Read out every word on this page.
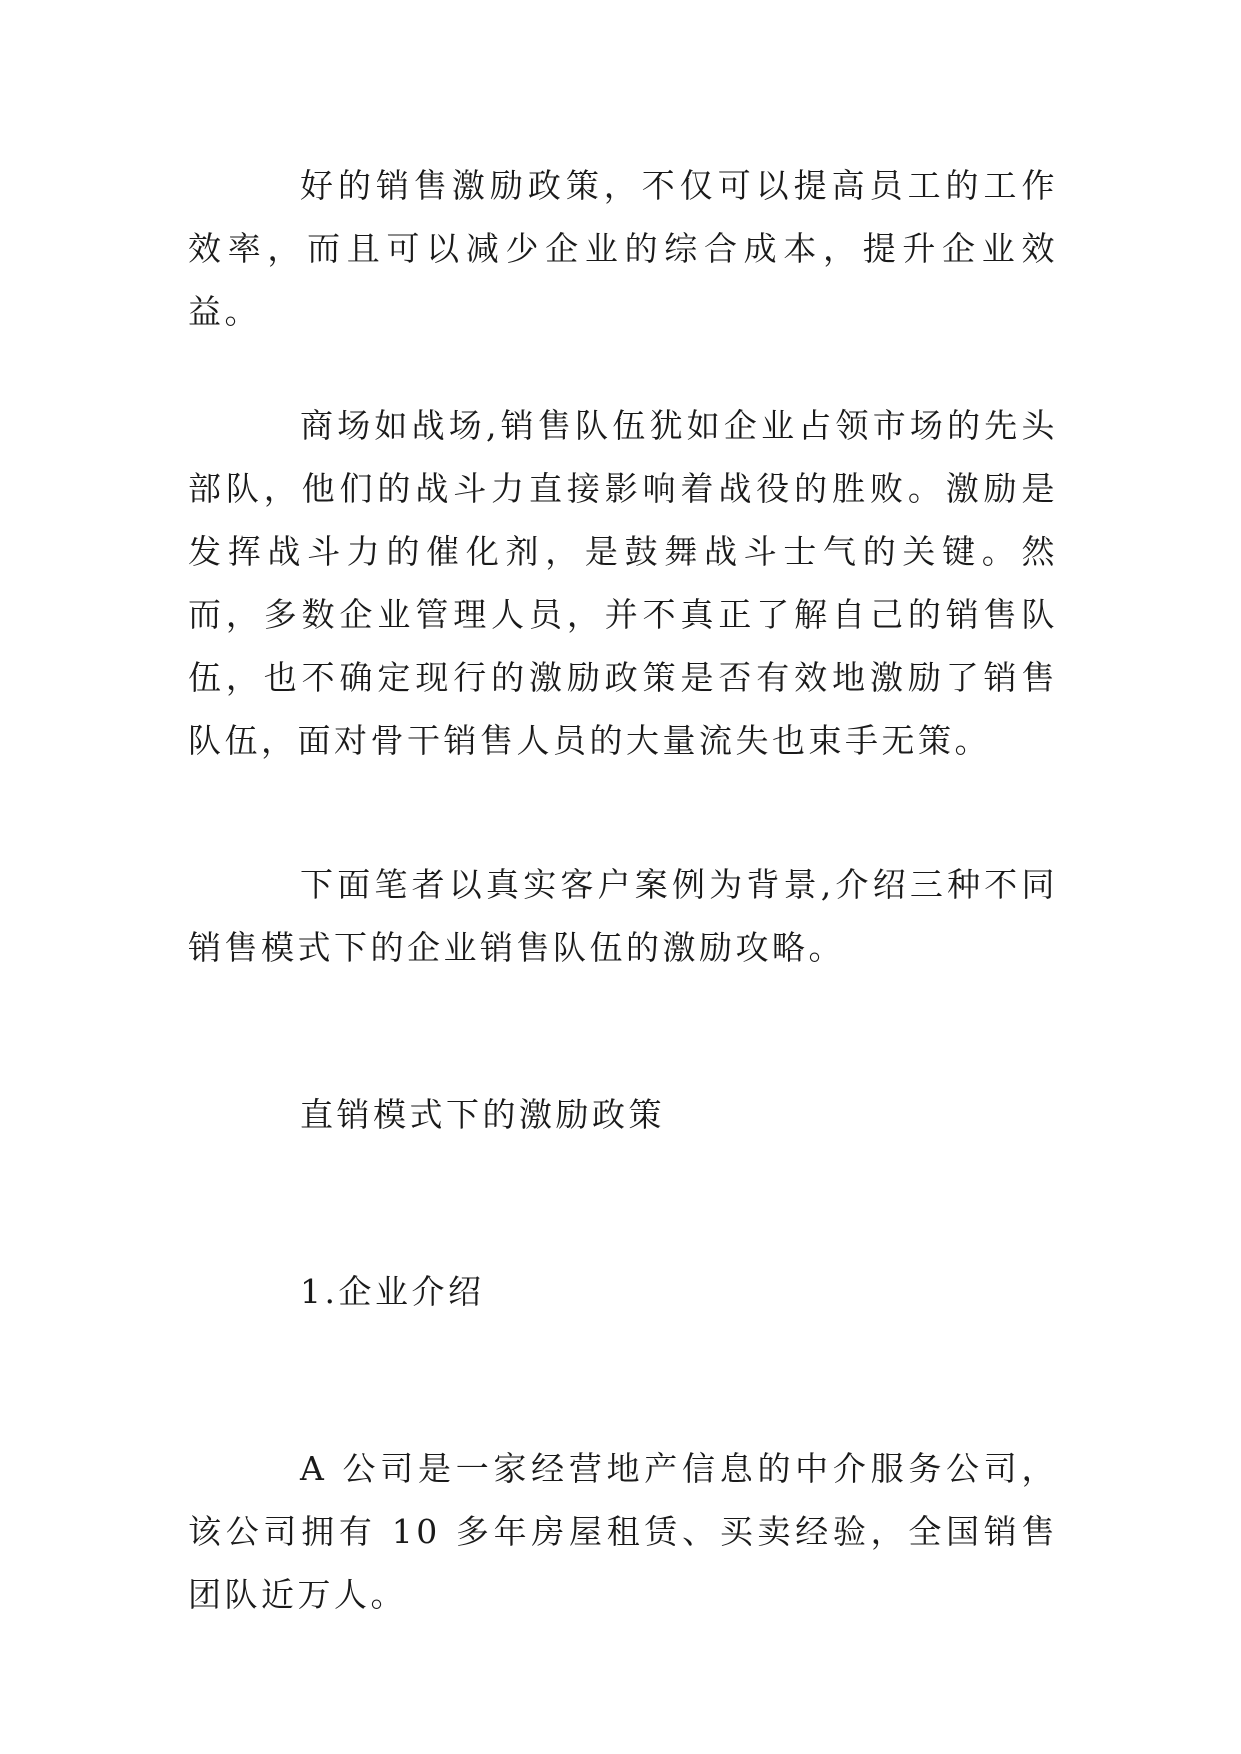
好的销售激励政策，不仅可以提高员工的工作效率，而且可以减少企业的综合成本，提升企业效益。

商场如战场,销售队伍犹如企业占领市场的先头部队，他们的战斗力直接影响着战役的胜败。激励是发挥战斗力的催化剂，是鼓舞战斗士气的关键。然而，多数企业管理人员，并不真正了解自己的销售队伍，也不确定现行的激励政策是否有效地激励了销售队伍，面对骨干销售人员的大量流失也束手无策。

下面笔者以真实客户案例为背景,介绍三种不同销售模式下的企业销售队伍的激励攻略。

直销模式下的激励政策
1.企业介绍

A 公司是一家经营地产信息的中介服务公司，该公司拥有 10 多年房屋租赁、买卖经验，全国销售团队近万人。
